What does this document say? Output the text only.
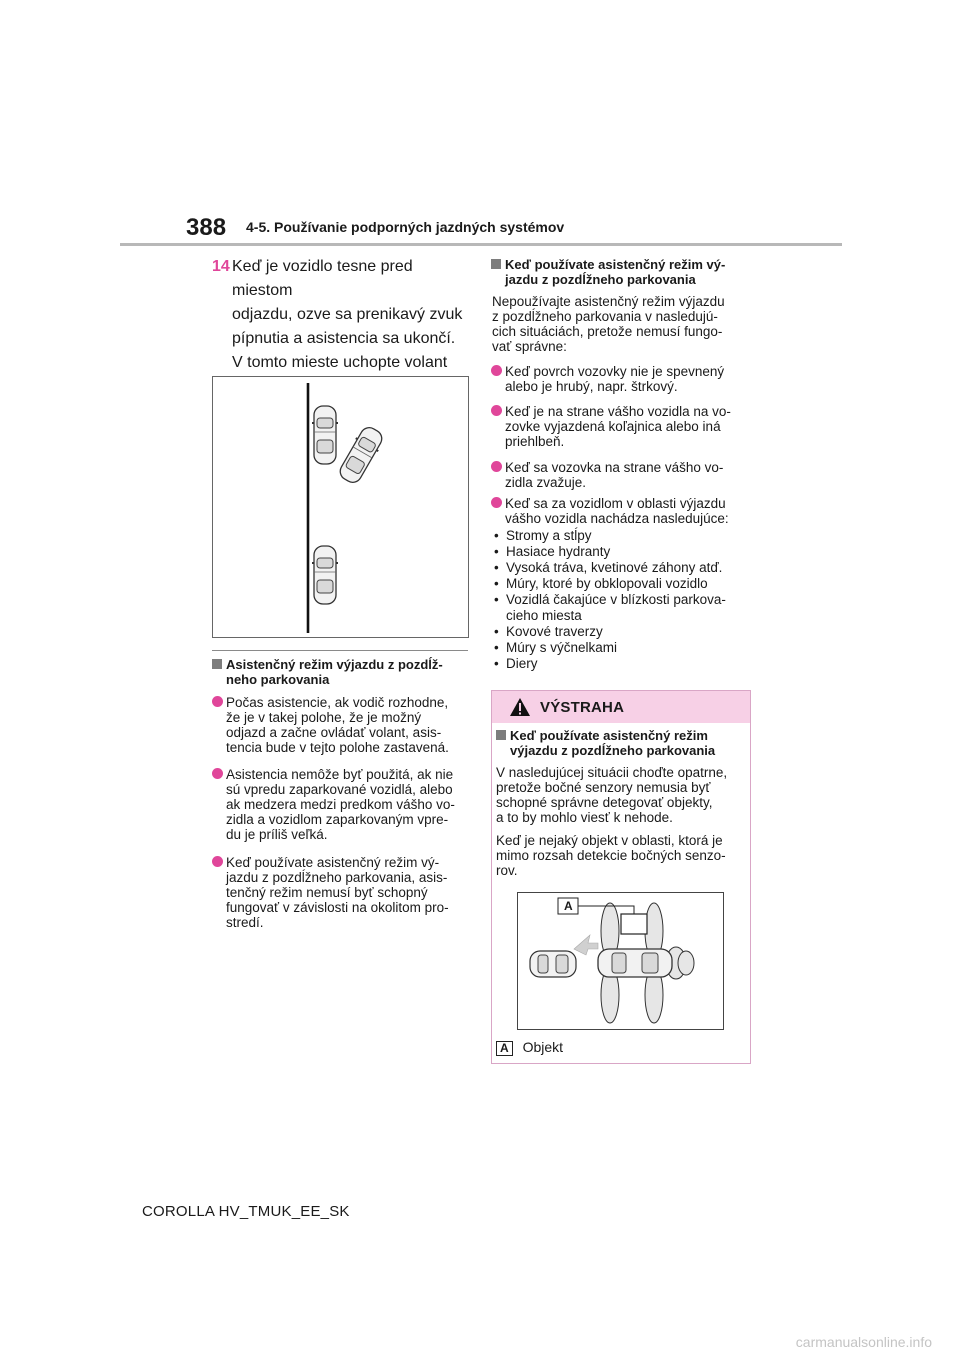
388 4-5. Používanie podporných jazdných systémov
14 Keď je vozidlo tesne pred miestom
odjazdu, ozve sa prenikavý zvuk
pípnutia a asistencia sa ukončí.
V tomto mieste uchopte volant
Asistenčný režim výjazdu z pozdĺž-
neho parkovania
Počas asistencie, ak vodič rozhodne,
že je v takej polohe, že je možný
odjazd a začne ovládať volant, asis-
tencia bude v tejto polohe zastavená.
Asistencia nemôže byť použitá, ak nie
sú vpredu zaparkované vozidlá, alebo
ak medzera medzi predkom vášho vo-
zidla a vozidlom zaparkovaným vpre-
du je príliš veľká.
Keď používate asistenčný režim vý-
jazdu z pozdĺžneho parkovania, asis-
tenčný režim nemusí byť schopný
fungovať v závislosti na okolitom pro-
stredí.
Keď používate asistenčný režim vý-
jazdu z pozdĺžneho parkovania
Nepoužívajte asistenčný režim výjazdu
z pozdĺžneho parkovania v nasledujú-
cich situáciách, pretože nemusí fungo-
vať správne:
Keď povrch vozovky nie je spevnený
alebo je hrubý, napr. štrkový.
Keď je na strane vášho vozidla na vo-
zovke vyjazdená koľajnica alebo iná
priehlbeň.
Keď sa vozovka na strane vášho vo-
zidla zvažuje.
Keď sa za vozidlom v oblasti výjazdu
vášho vozidla nachádza nasledujúce:
• Stromy a stĺpy
• Hasiace hydranty
• Vysoká tráva, kvetinové záhony atď.
• Múry, ktoré by obklopovali vozidlo
• Vozidlá čakajúce v blízkosti parkova-
cieho miesta
• Kovové traverzy
• Múry s výčnelkami
• Diery
VÝSTRAHA
Keď používate asistenčný režim
výjazdu z pozdĺžneho parkovania
V nasledujúcej situácii choďte opatrne,
pretože bočné senzory nemusia byť
schopné správne detegovať objekty,
a to by mohlo viesť k nehode.
Keď je nejaký objekt v oblasti, ktorá je
mimo rozsah detekcie bočných senzo-
rov.
A Objekt
A
COROLLA HV_TMUK_EE_SK
carmanualsonline.info
